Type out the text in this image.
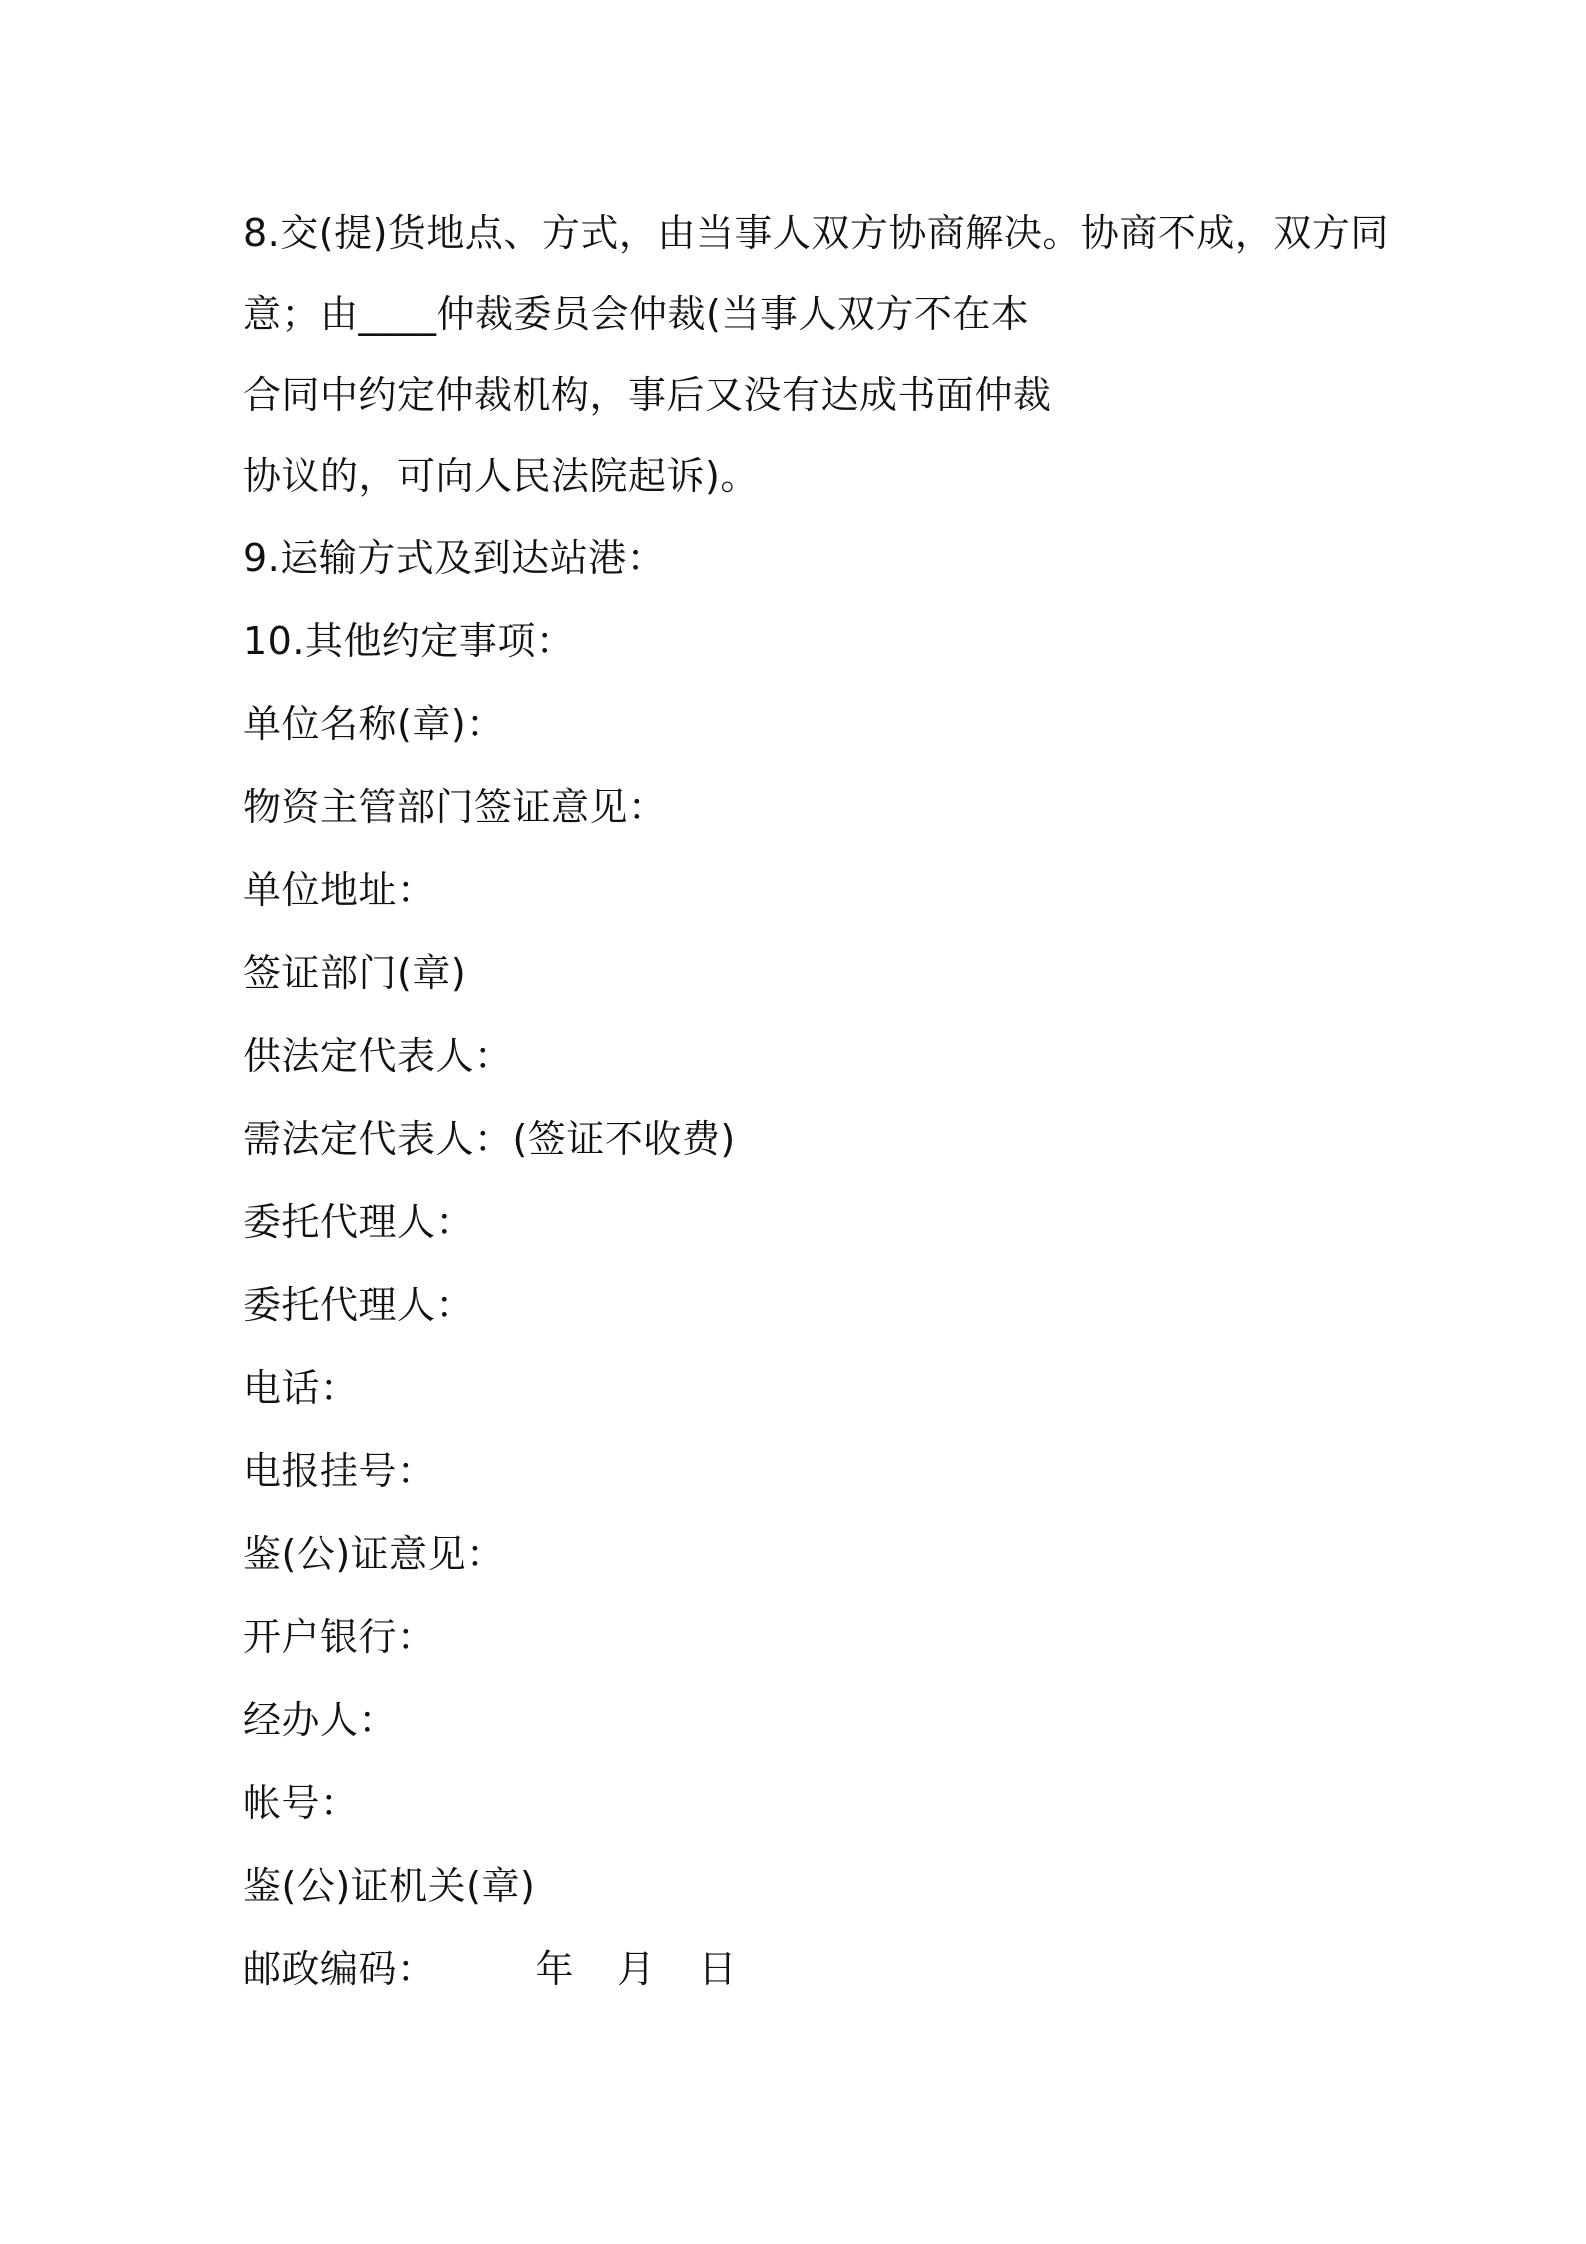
8.交(提)货地点、方式，由当事人双方协商解决。协商不成，双方同
意；由____仲裁委员会仲裁(当事人双方不在本
合同中约定仲裁机构，事后又没有达成书面仲裁
协议的，可向人民法院起诉)。
9.运输方式及到达站港：
10.其他约定事项：
单位名称(章)：
物资主管部门签证意见：
单位地址：
签证部门(章)
供法定代表人：
需法定代表人：(签证不收费)
委托代理人：
委托代理人：
电话：
电报挂号：
鉴(公)证意见：
开户银行：
经办人：
帐号：
鉴(公)证机关(章)
邮政编码：	年 月 日
